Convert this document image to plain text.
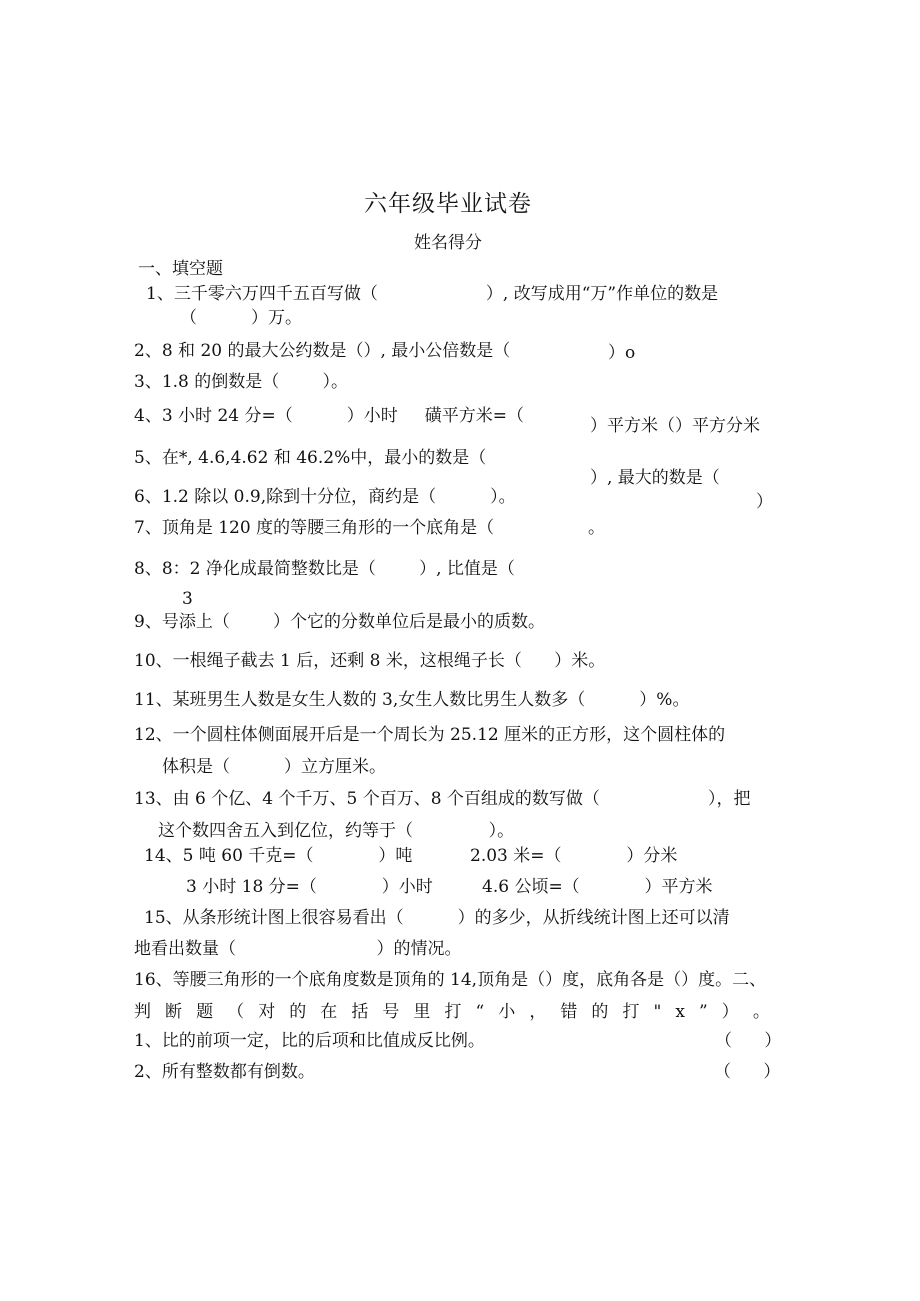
六年级毕业试卷
姓名得分
一、填空题
1、三千零六万四千五百写做（                    ）, 改写成用“万”作单位的数是
（          ）万。
2、8 和 20 的最大公约数是（）, 最小公倍数是（	）o
3、1.8 的倒数是（        ）。
4、3 小时 24 分=（          ）小时     磺平方米=（	）平方米（）平方分米
5、在*, 4.6,4.62 和 46.2%中，最小的数是（
）, 最大的数是（
6、1.2 除以 0.9,除到十分位，商约是（          ）。	）
7、顶角是 120 度的等腰三角形的一个底角是（	。
8、8：2 净化成最简整数比是（        ）, 比值是（
3
9、号添上（        ）个它的分数单位后是最小的质数。
10、一根绳子截去 1 后，还剩 8 米，这根绳子长（      ）米。
11、某班男生人数是女生人数的 3,女生人数比男生人数多（          ）%。
12、一个圆柱体侧面展开后是一个周长为 25.12 厘米的正方形，这个圆柱体的
体积是（          ）立方厘米。
13、由 6 个亿、4 个千万、5 个百万、8 个百组成的数写做（                    ），把
这个数四舍五入到亿位，约等于（              ）。
14、5 吨 60 千克=（            ）吨	2.03 米=（            ）分米
3 小时 18 分=（            ）小时	4.6 公顷=（            ）平方米
15、从条形统计图上很容易看出（          ）的多少，从折线统计图上还可以清
地看出数量（                          ）的情况。
16、等腰三角形的一个底角度数是顶角的 14,顶角是（）度，底角各是（）度。二、
判 断 题 （ 对 的 在 括 号 里 打 “ 小 ， 错 的 打 " x ” ） 。
1、比的前项一定，比的后项和比值成反比例。	（      ）
2、所有整数都有倒数。	（      ）
